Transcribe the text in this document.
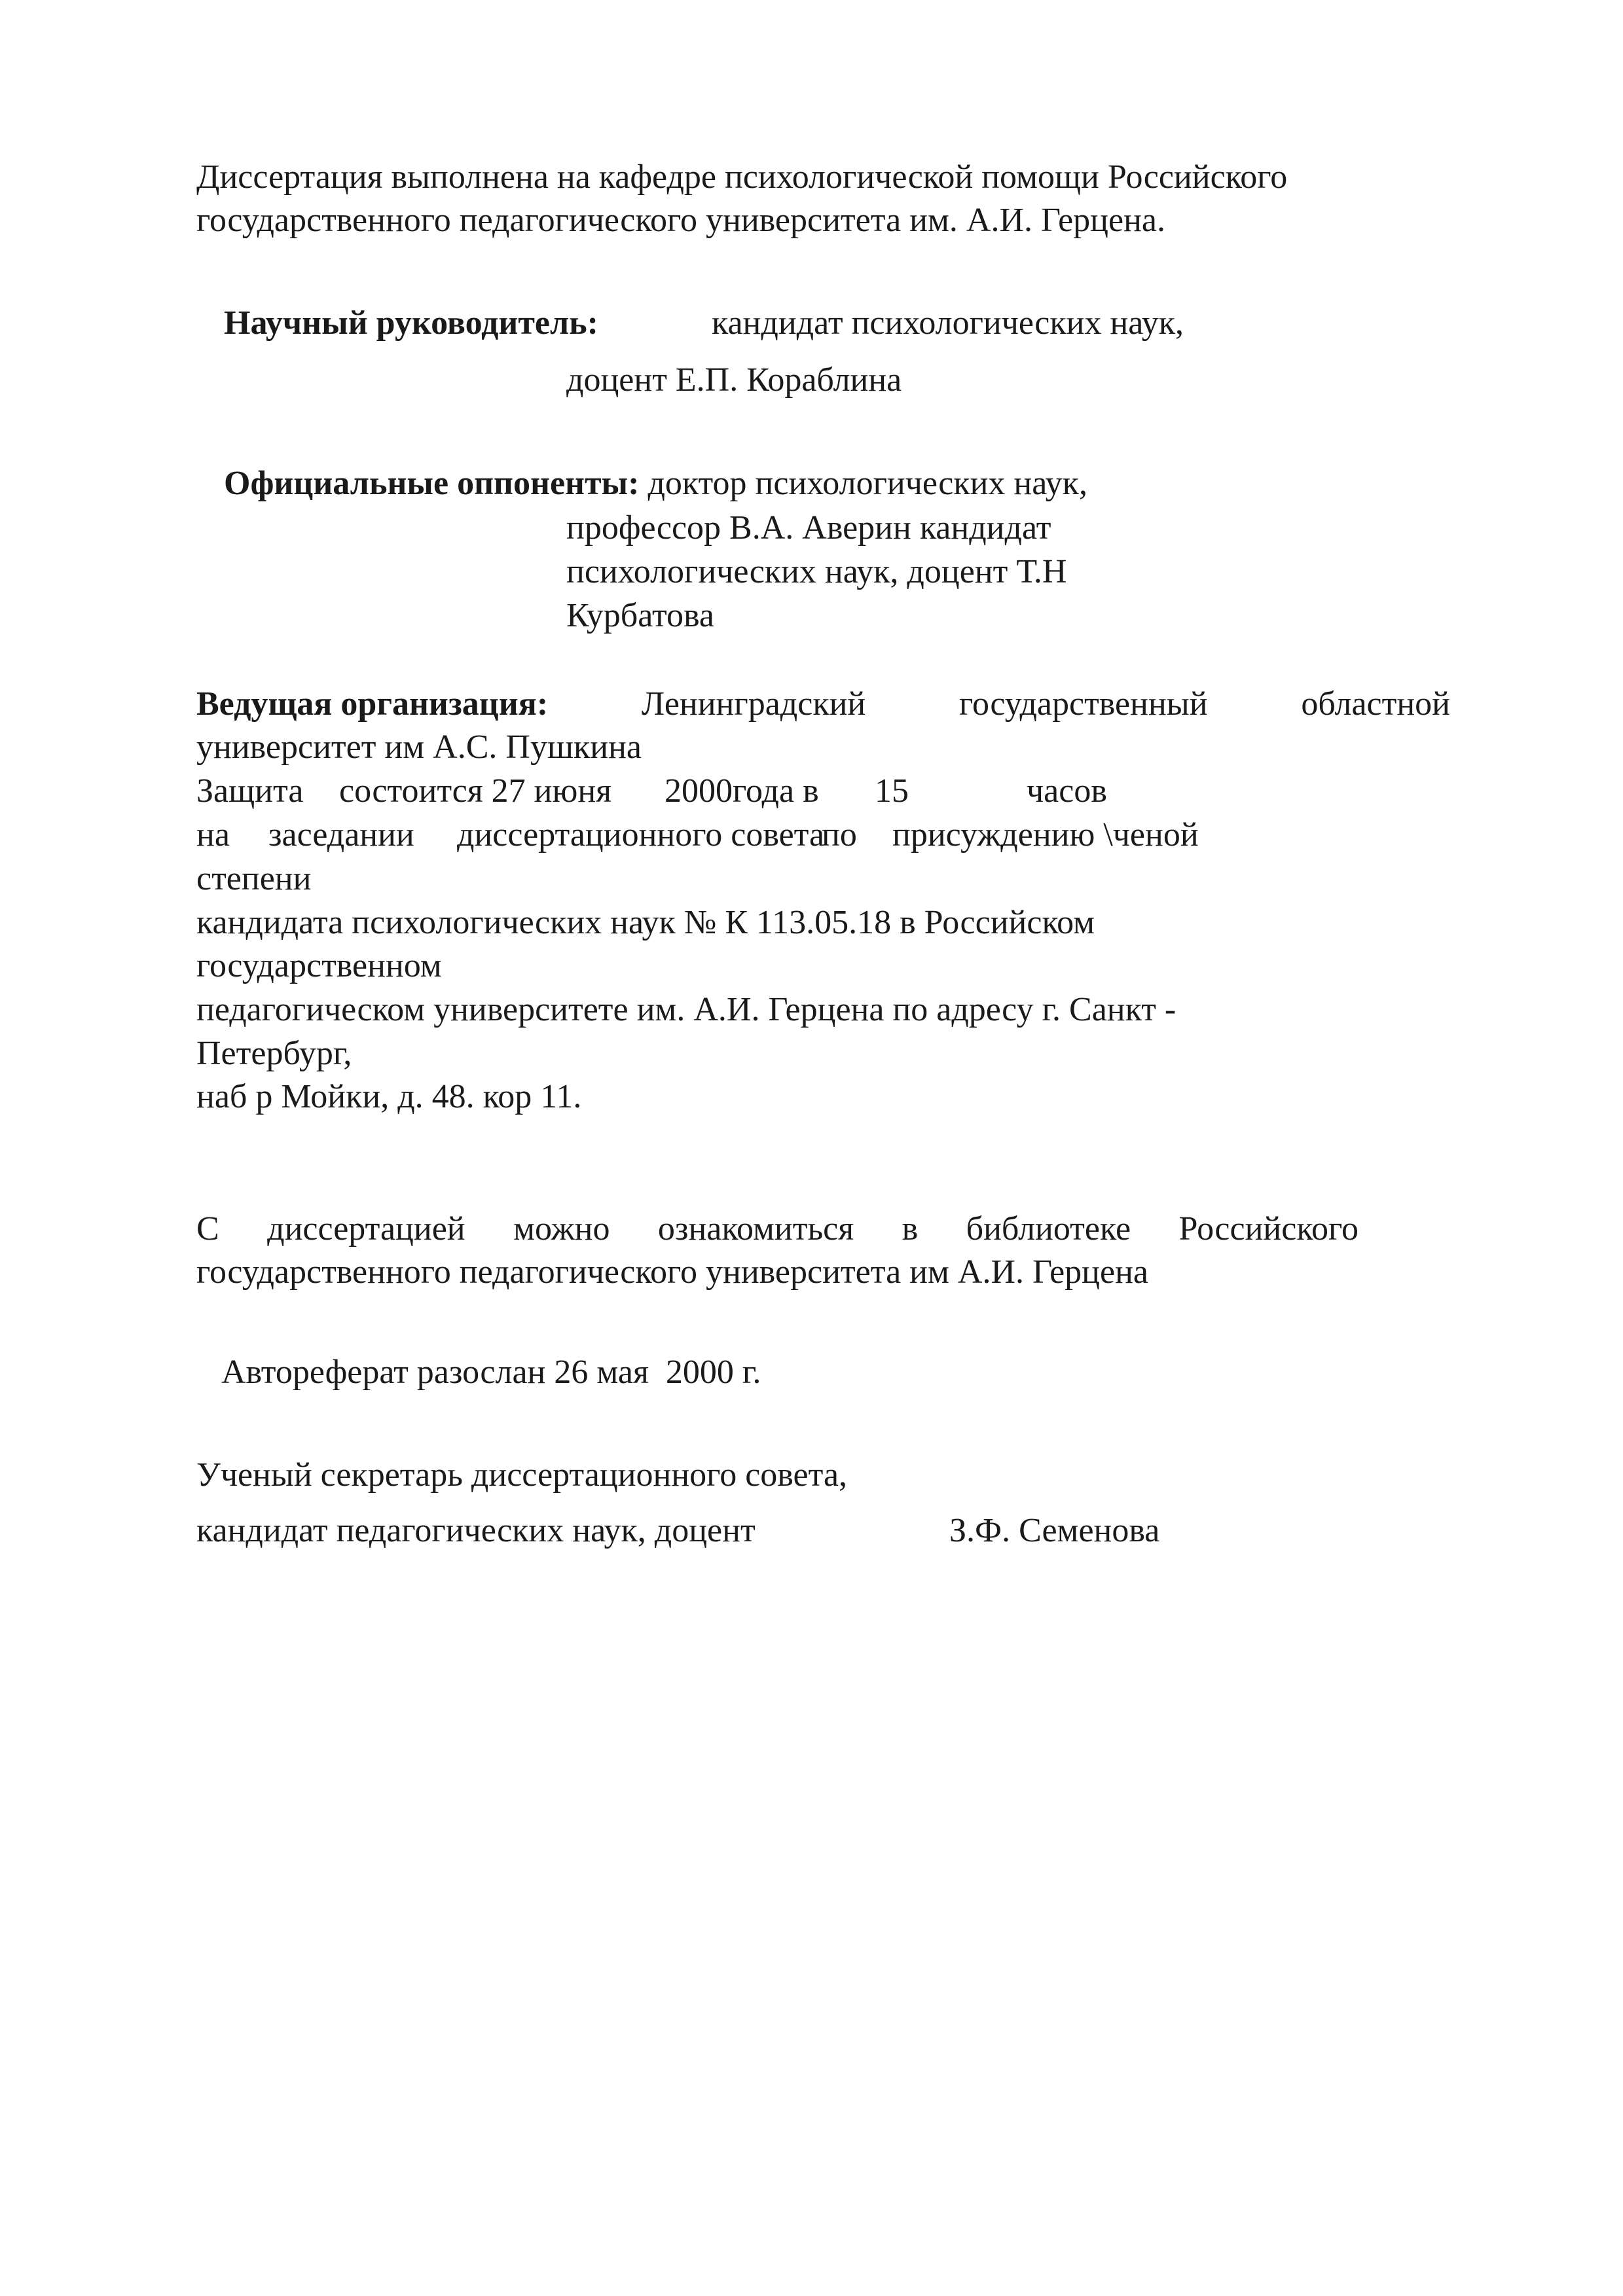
Диссертация выполнена на кафедре психологической помощи Российского
государственного педагогического университета им. А.И. Герцена.
Научный руководитель:	кандидат психологических наук,
доцент Е.П. Кораблина
Официальные оппоненты: доктор психологических наук,
профессор В.А. Аверин кандидат
психологических наук, доцент Т.Н
Курбатова
Ведущая организация:	Ленинградский	государственный	областной
университет им А.С. Пушкина
Защита состоится 27 июня 2000года в 15	часов
на заседании диссертационного совета
по присуждению \ченой
степени
кандидата психологических наук № К 113.05.18 в Российском
государственном
педагогическом университете им. А.И. Герцена по адресу г. Санкт -
Петербург,
наб р Мойки, д. 48. кор 11.
С диссертацией можно ознакомиться в библиотеке Российского
государственного педагогического университета им А.И. Герцена
Автореферат разослан 26 мая  2000 г.
Ученый секретарь диссертационного совета,
кандидат педагогических наук, доцент	З.Ф. Семенова
